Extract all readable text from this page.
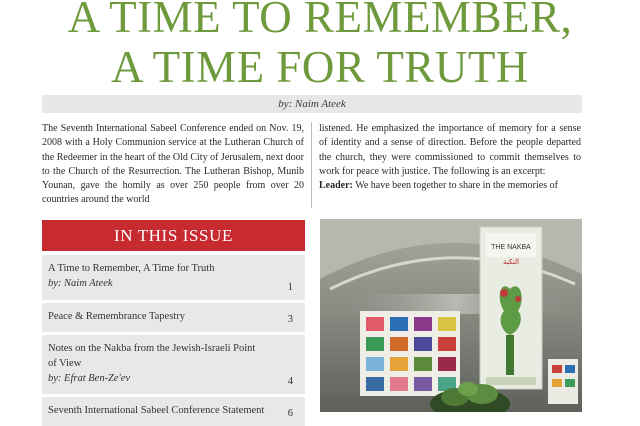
A TIME TO REMEMBER,
A TIME FOR TRUTH
by: Naim Ateek

The Seventh International Sabeel Conference ended on Nov. 19, 2008 with a Holy Communion service at the Lutheran Church of the Redeemer in the heart of the Old City of Jerusalem, next door to the Church of the Resurrection. The Lutheran Bishop, Munib Younan, gave the homily as over 250 people from over 20 countries around the world

listened. He emphasized the importance of memory for a sense of identity and a sense of direction. Before the people departed the church, they were commissioned to commit themselves to work for peace with justice. The following is an excerpt:

Leader: We have been together to share in the memories of

IN THIS ISSUE
A Time to Remember, A Time for Truth
by: Naim Ateek	1
Peace & Remembrance Tapestry	3
Notes on the Nakba from the Jewish-Israeli Point of View
by: Efrat Ben-Ze'ev	4
Seventh International Sabeel Conference Statement	6
THE NAKBA
النكبة
